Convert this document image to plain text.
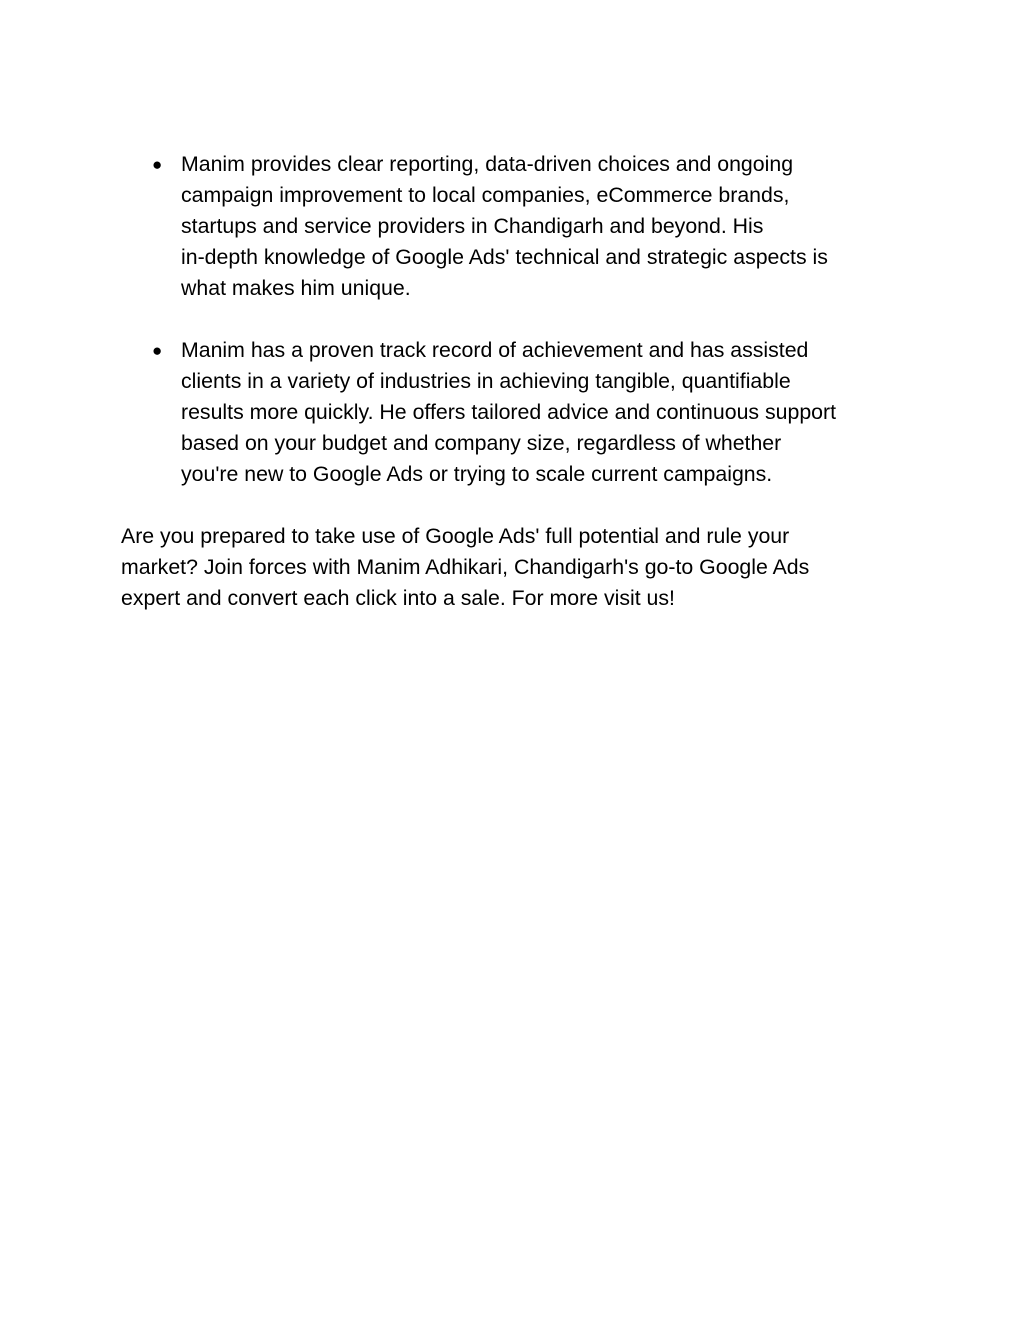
● Manim provides clear reporting, data-driven choices and ongoing
campaign improvement to local companies, eCommerce brands,
startups and service providers in Chandigarh and beyond. His
in-depth knowledge of Google Ads' technical and strategic aspects is
what makes him unique.
● Manim has a proven track record of achievement and has assisted
clients in a variety of industries in achieving tangible, quantifiable
results more quickly. He offers tailored advice and continuous support
based on your budget and company size, regardless of whether
you're new to Google Ads or trying to scale current campaigns.

Are you prepared to take use of Google Ads' full potential and rule your
market? Join forces with Manim Adhikari, Chandigarh's go-to Google Ads
expert and convert each click into a sale. For more visit us!
